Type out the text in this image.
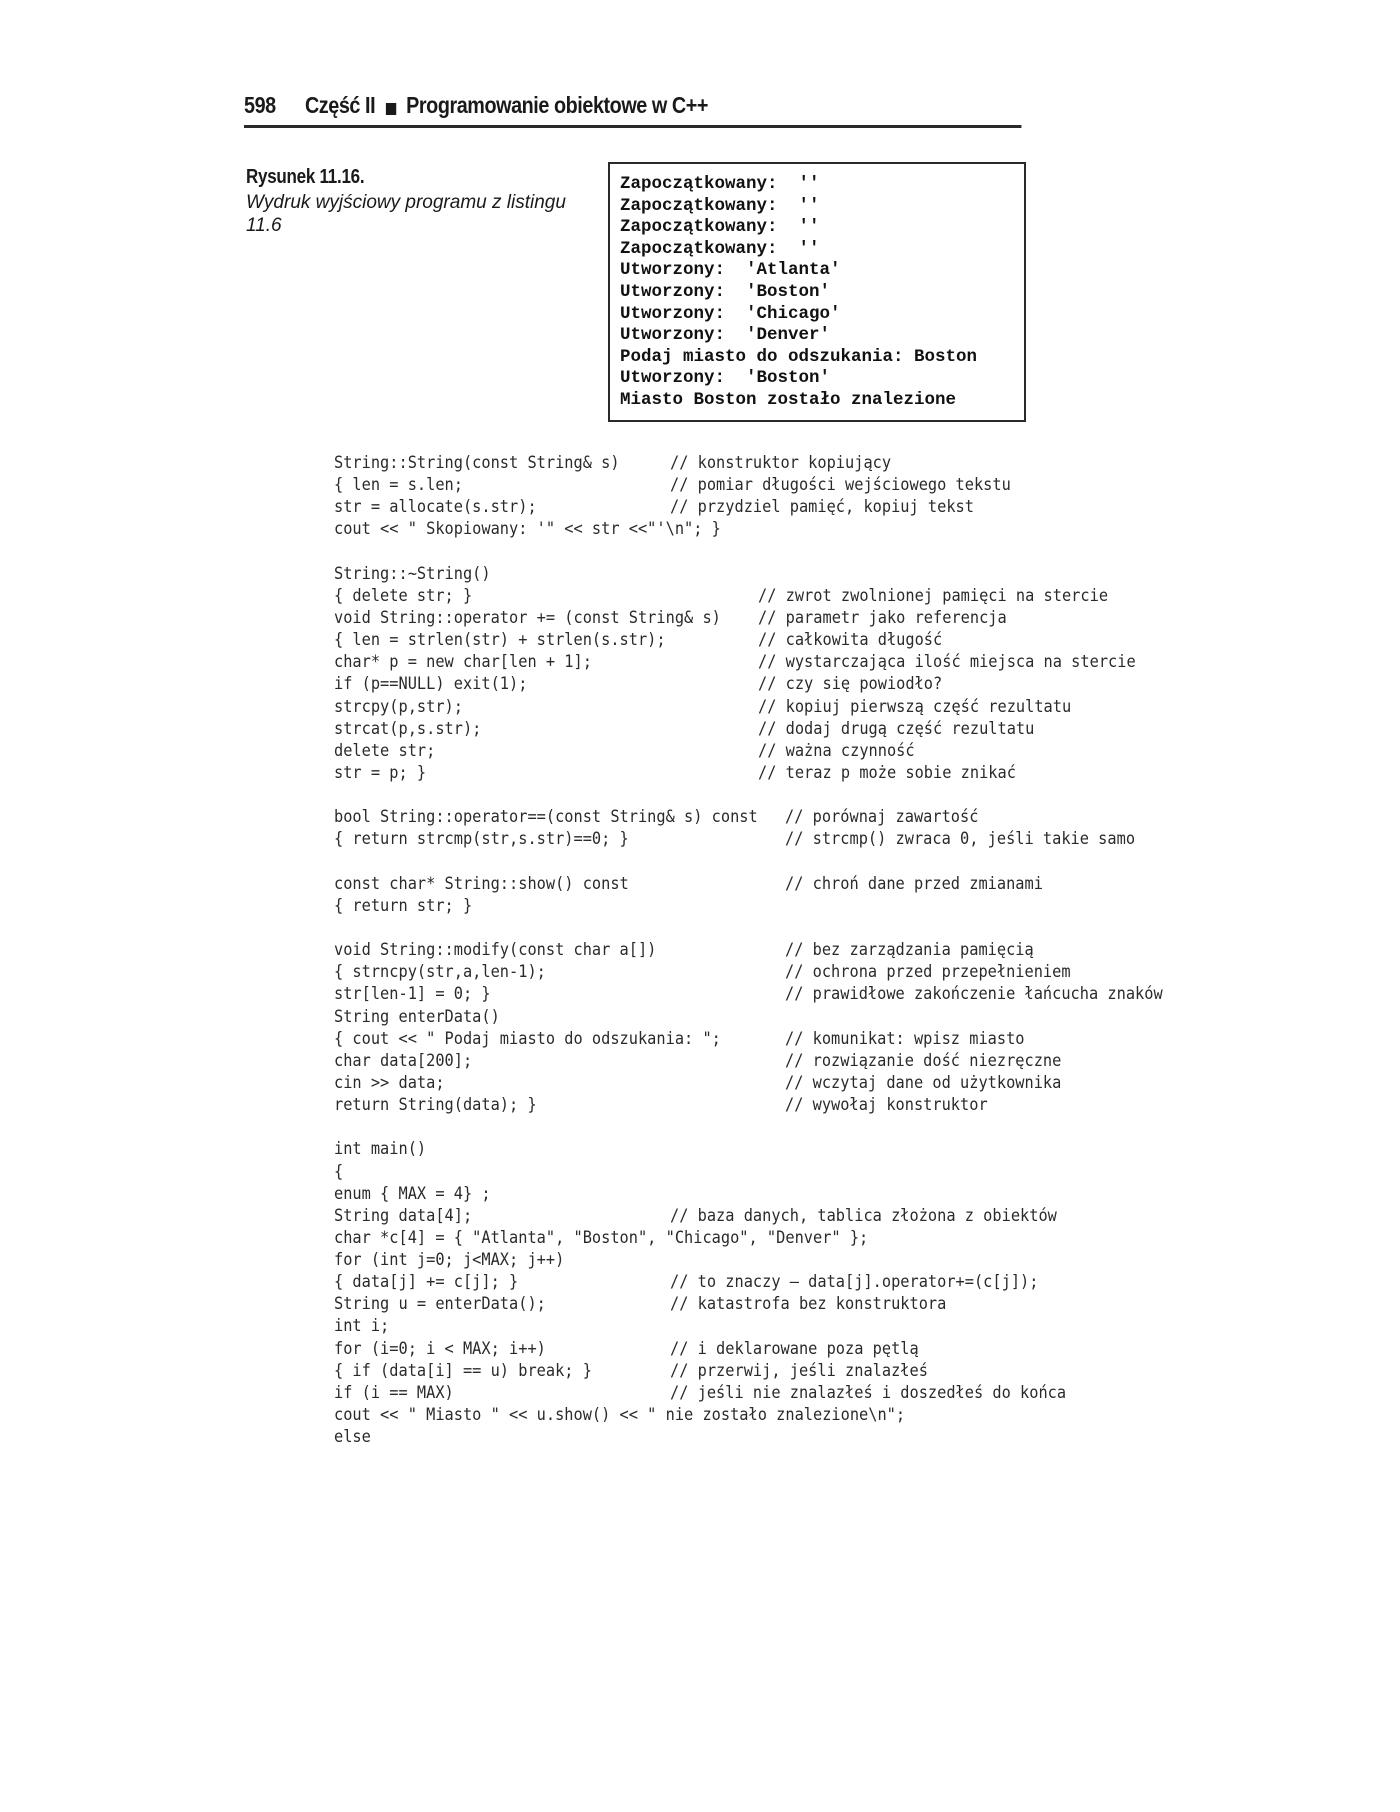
598 Część II Programowanie obiektowe w C++
Rysunek 11.16.
Wydruk wyjściowy programu z listingu 11.6
Zapoczątkowany:  ''
Zapoczątkowany:  ''
Zapoczątkowany:  ''
Zapoczątkowany:  ''
Utworzony:  'Atlanta'
Utworzony:  'Boston'
Utworzony:  'Chicago'
Utworzony:  'Denver'
Podaj miasto do odszukania: Boston
Utworzony:  'Boston'
Miasto Boston zostało znalezione
String::String(const String& s)	// konstruktor kopiujący
{ len = s.len;	// pomiar długości wejściowego tekstu
str = allocate(s.str);	// przydziel pamięć, kopiuj tekst
cout << " Skopiowany: '" << str <<"'\n"; }
String::~String()
{ delete str; }	// zwrot zwolnionej pamięci na stercie
void String::operator += (const String& s) // parametr jako referencja
{ len = strlen(str) + strlen(s.str);	// całkowita długość
char* p = new char[len + 1];	// wystarczająca ilość miejsca na stercie
if (p==NULL) exit(1);	// czy się powiodło?
strcpy(p,str);	// kopiuj pierwszą część rezultatu
strcat(p,s.str);	// dodaj drugą część rezultatu
delete str;	// ważna czynność
str = p; }	// teraz p może sobie znikać
bool String::operator==(const String& s) const // porównaj zawartość
{ return strcmp(str,s.str)==0; }	// strcmp() zwraca 0, jeśli takie samo
const char* String::show() const	// chroń dane przed zmianami
{ return str; }
void String::modify(const char a[])	// bez zarządzania pamięcią
{ strncpy(str,a,len-1);	// ochrona przed przepełnieniem
str[len-1] = 0; }	// prawidłowe zakończenie łańcucha znaków
String enterData()
{ cout << " Podaj miasto do odszukania: ";	// komunikat: wpisz miasto
char data[200];	// rozwiązanie dość niezręczne
cin >> data;	// wczytaj dane od użytkownika
return String(data); }	// wywołaj konstruktor
int main()
{
enum { MAX = 4} ;
String data[4];	// baza danych, tablica złożona z obiektów
char *c[4] = { "Atlanta", "Boston", "Chicago", "Denver" };
for (int j=0; j<MAX; j++)
{ data[j] += c[j]; }	// to znaczy – data[j].operator+=(c[j]);
String u = enterData();	// katastrofa bez konstruktora
int i;
for (i=0; i < MAX; i++)	// i deklarowane poza pętlą
{ if (data[i] == u) break; }	// przerwij, jeśli znalazłeś
if (i == MAX)	// jeśli nie znalazłeś i doszedłeś do końca
cout << " Miasto " << u.show() << " nie zostało znalezione\n";
else
